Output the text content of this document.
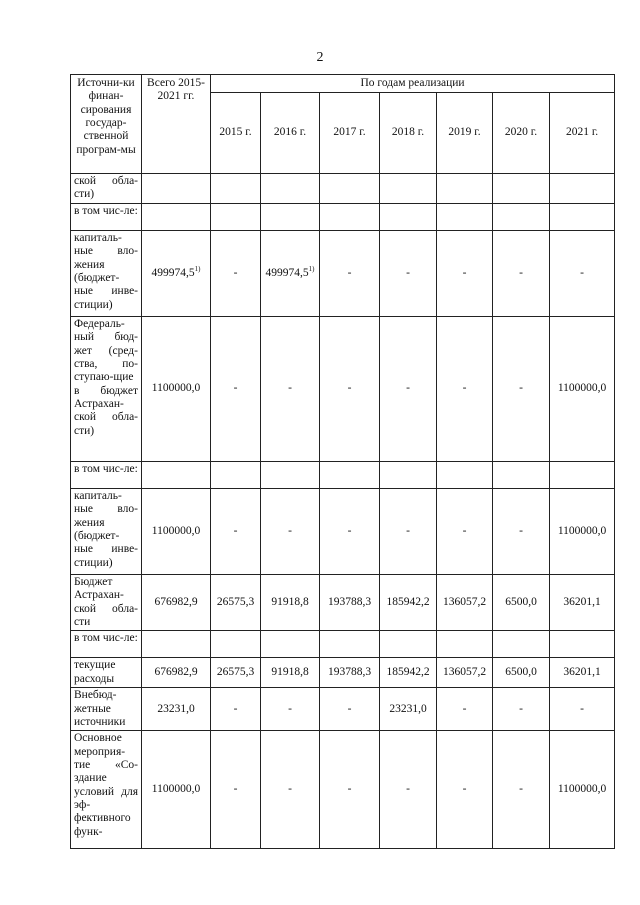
2
Источни-ки финан-сирования государ-ственной програм-мы	Всего 2015-2021 гг.	По годам реализации						
		2015 г.	2016 г.	2017 г.	2018 г.	2019 г.	2020 г.	2021 г.
ской обла-сти)								
в том чис-ле:								
капиталь-ные вло-жения (бюджет-ные инве-стиции)	499974,5$^{1)}$	-	499974,5$^{1)}$	-	-	-	-	-
Федераль-ный бюд-жет (сред-ства, по-ступаю-щие в бюджет Астрахан-ской обла-сти)	1100000,0	-	-	-	-	-	-	1100000,0
в том чис-ле:								
капиталь-ные вло-жения (бюджет-ные инве-стиции)	1100000,0	-	-	-	-	-	-	1100000,0
Бюджет Астрахан-ской обла-сти	676982,9	26575,3	91918,8	193788,3	185942,2	136057,2	6500,0	36201,1
в том чис-ле:								
текущие расходы	676982,9	26575,3	91918,8	193788,3	185942,2	136057,2	6500,0	36201,1
Внебюд-жетные источники	23231,0	-	-	-	23231,0	-	-	-
Основное мероприя-тие «Со-здание условий для эф-фективного функ-	1100000,0	-	-	-	-	-	-	1100000,0
